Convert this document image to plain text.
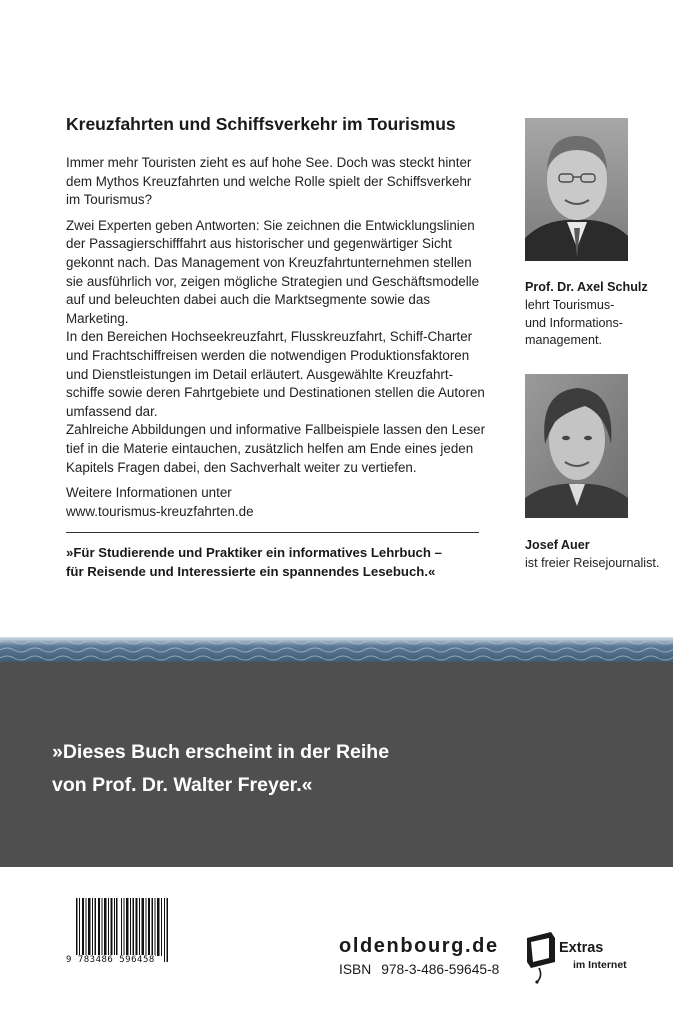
Kreuzfahrten und Schiffsverkehr im Tourismus

Immer mehr Touristen zieht es auf hohe See. Doch was steckt hinter

dem Mythos Kreuzfahrten und welche Rolle spielt der Schiffsverkehr

im Tourismus?

Zwei Experten geben Antworten: Sie zeichnen die Entwicklungslinien

der Passagierschifffahrt aus historischer und gegenwärtiger Sicht

gekonnt nach. Das Management von Kreuzfahrtunternehmen stellen

sie ausführlich vor, zeigen mögliche Strategien und Geschäftsmodelle

auf und beleuchten dabei auch die Marktsegmente sowie das

Marketing.

In den Bereichen Hochseekreuzfahrt, Flusskreuzfahrt, Schiff-Charter

und Frachtschiffreisen werden die notwendigen Produktionsfaktoren

und Dienstleistungen im Detail erläutert. Ausgewählte Kreuzfahrt-

schiffe sowie deren Fahrtgebiete und Destinationen stellen die Autoren

umfassend dar.

Zahlreiche Abbildungen und informative Fallbeispiele lassen den Leser

tief in die Materie eintauchen, zusätzlich helfen am Ende eines jeden

Kapitels Fragen dabei, den Sachverhalt weiter zu vertiefen.

Weitere Informationen unter
www.tourismus-kreuzfahrten.de
»Für Studierende und Praktiker ein informatives Lehrbuch –
für Reisende und Interessierte ein spannendes Lesebuch.«
Prof. Dr. Axel Schulz
lehrt Tourismus-
und Informations-
management.
Josef Auer
ist freier Reisejournalist.
»Dieses Buch erscheint in der Reihe
von Prof. Dr. Walter Freyer.«
9 783486 596458
oldenbourg.de
ISBN 978-3-486-59645-8
Extras
im Internet
